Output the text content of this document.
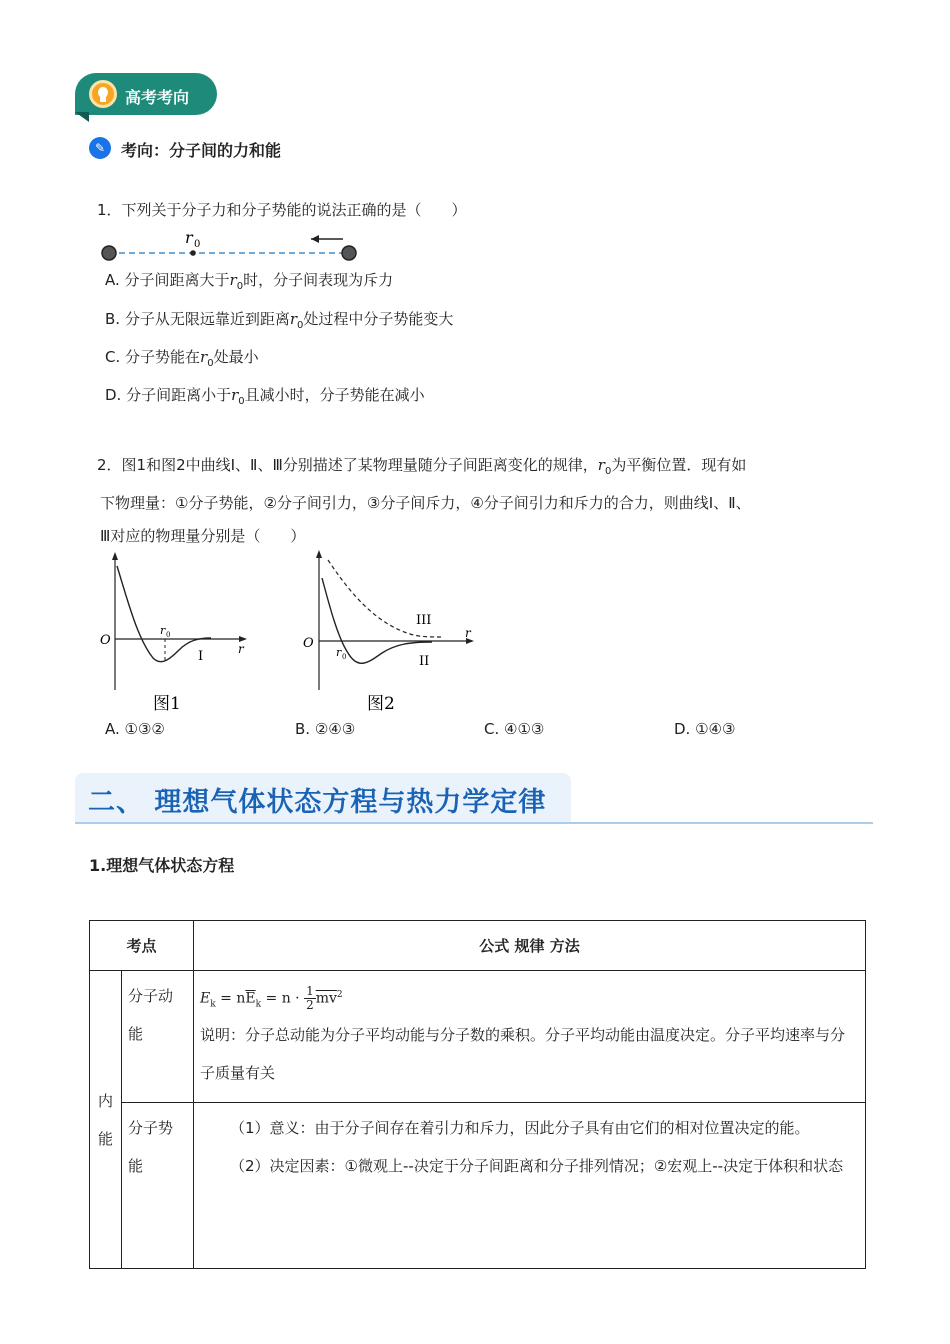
高考考向
✎ 考向：分子间的力和能
1．下列关于分子力和分子势能的说法正确的是（　　）
r 0
A. 分子间距离大于$r_0$时，分子间表现为斥力
B. 分子从无限远靠近到距离$r_0$处过程中分子势能变大
C. 分子势能在$r_0$处最小
D. 分子间距离小于$r_0$且减小时，分子势能在减小
2．图1和图2中曲线Ⅰ、Ⅱ、Ⅲ分别描述了某物理量随分子间距离变化的规律，$r_0$为平衡位置．现有如
下物理量：①分子势能，②分子间引力，③分子间斥力，④分子间引力和斥力的合力，则曲线Ⅰ、Ⅱ、
Ⅲ对应的物理量分别是（　　）
O
r
r 0
I
图1
O
r
r 0	II
III
图2
A. ①③②	B. ②④③	C. ④①③	D. ①④③
二、 理想气体状态方程与热力学定律
1.理想气体状态方程
考点		公式 规律 方法
内能	分子动能	$E_k = n\overline{E}_k = n \cdot \frac{1}{2} \overline{mv}^2$
说明：分子总动能为分子平均动能与分子数的乘积。分子平均动能由温度决定。分子平均速率与分子质量有关

	分子势能	（1）意义：由于分子间存在着引力和斥力，因此分子具有由它们的相对位置决定的能。
（2）决定因素：①微观上--决定于分子间距离和分子排列情况；②宏观上--决定于体积和状态
